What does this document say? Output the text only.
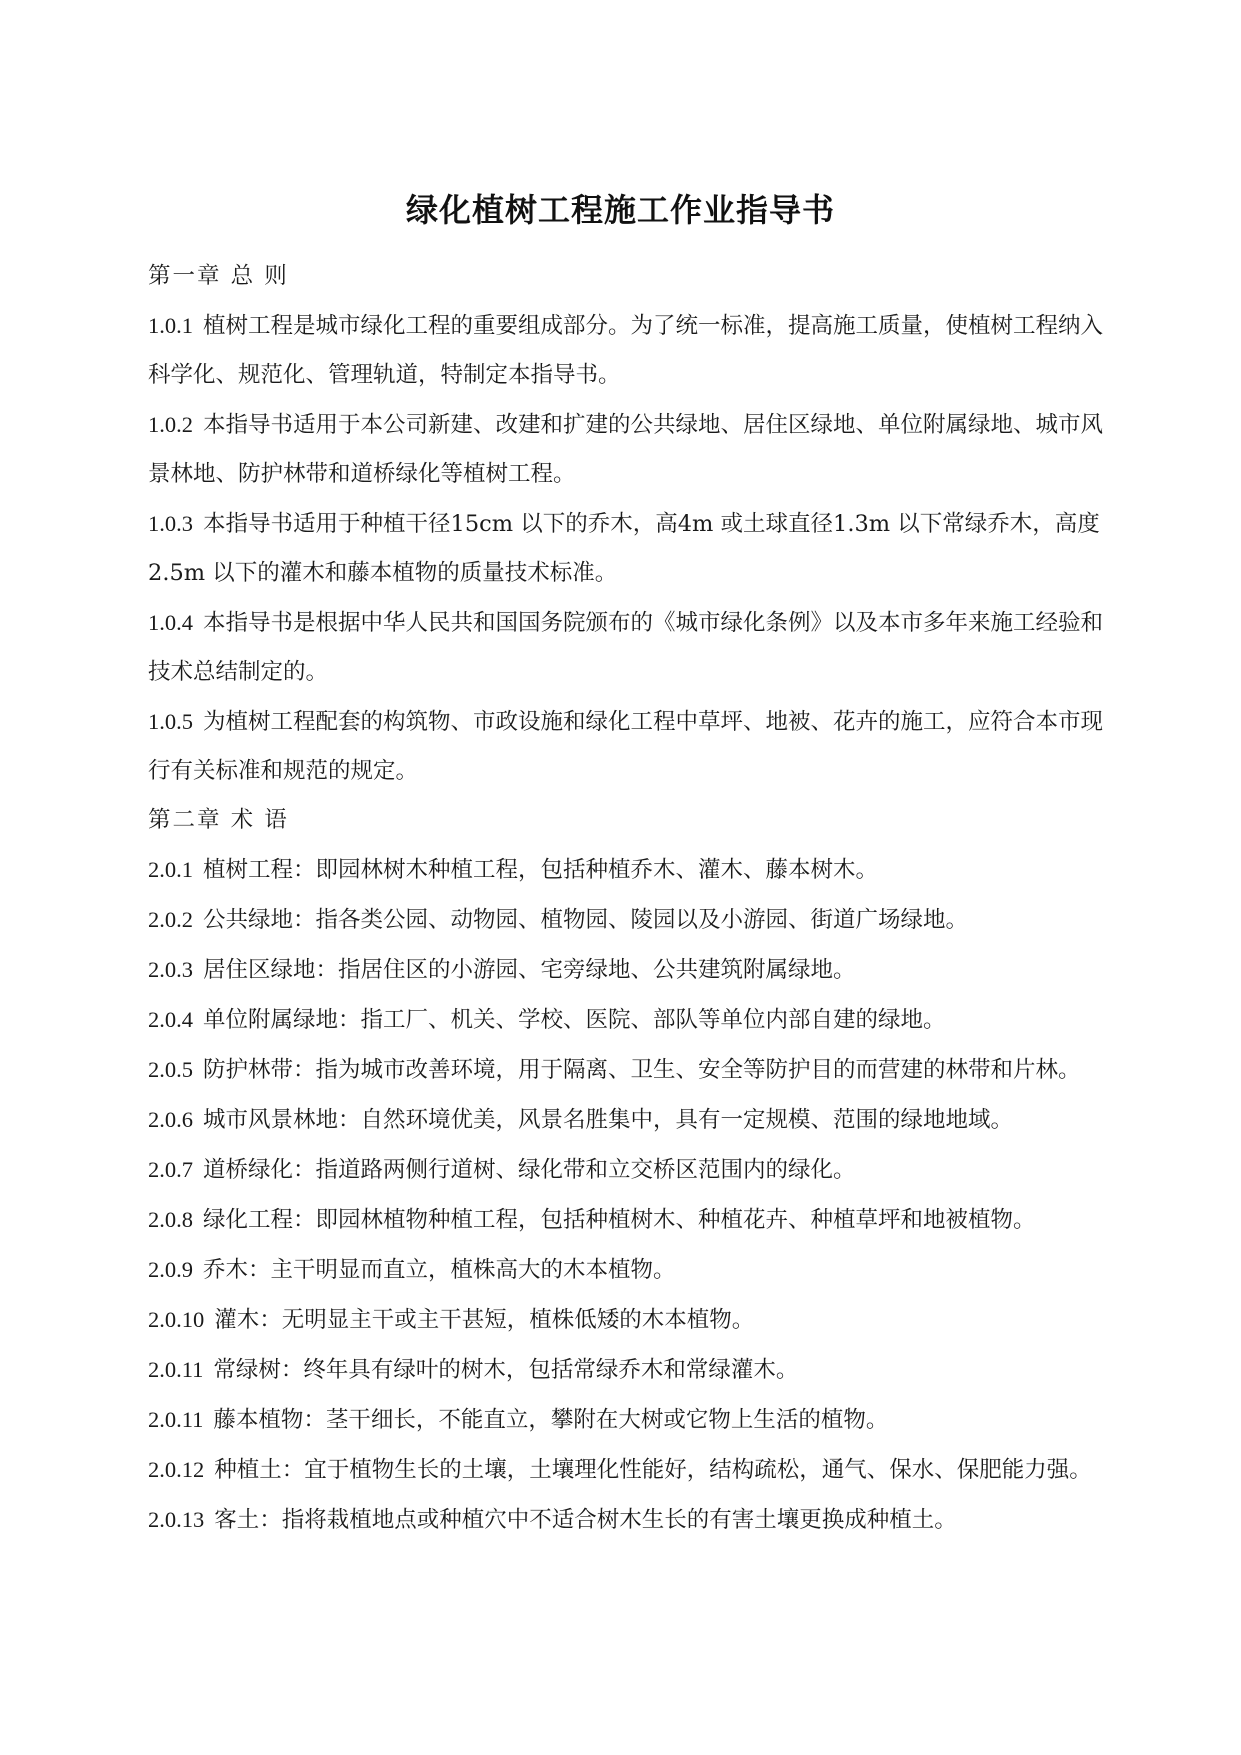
绿化植树工程施工作业指导书

第一章 总 则

1.0.1 植树工程是城市绿化工程的重要组成部分。为了统一标准，提高施工质量，使植树工程纳入科学化、规范化、管理轨道，特制定本指导书。

1.0.2 本指导书适用于本公司新建、改建和扩建的公共绿地、居住区绿地、单位附属绿地、城市风景林地、防护林带和道桥绿化等植树工程。

1.0.3 本指导书适用于种植干径15cm 以下的乔木，高4m 或土球直径1.3m 以下常绿乔木，高度2.5m 以下的灌木和藤本植物的质量技术标准。

1.0.4 本指导书是根据中华人民共和国国务院颁布的《城市绿化条例》以及本市多年来施工经验和技术总结制定的。

1.0.5 为植树工程配套的构筑物、市政设施和绿化工程中草坪、地被、花卉的施工，应符合本市现行有关标准和规范的规定。

第二章 术 语

2.0.1 植树工程：即园林树木种植工程，包括种植乔木、灌木、藤本树木。

2.0.2 公共绿地：指各类公园、动物园、植物园、陵园以及小游园、街道广场绿地。

2.0.3 居住区绿地：指居住区的小游园、宅旁绿地、公共建筑附属绿地。

2.0.4 单位附属绿地：指工厂、机关、学校、医院、部队等单位内部自建的绿地。

2.0.5 防护林带：指为城市改善环境，用于隔离、卫生、安全等防护目的而营建的林带和片林。

2.0.6 城市风景林地：自然环境优美，风景名胜集中，具有一定规模、范围的绿地地域。

2.0.7 道桥绿化：指道路两侧行道树、绿化带和立交桥区范围内的绿化。

2.0.8 绿化工程：即园林植物种植工程，包括种植树木、种植花卉、种植草坪和地被植物。

2.0.9 乔木：主干明显而直立，植株高大的木本植物。

2.0.10 灌木：无明显主干或主干甚短，植株低矮的木本植物。

2.0.11 常绿树：终年具有绿叶的树木，包括常绿乔木和常绿灌木。

2.0.11 藤本植物：茎干细长，不能直立，攀附在大树或它物上生活的植物。

2.0.12 种植土：宜于植物生长的土壤，土壤理化性能好，结构疏松，通气、保水、保肥能力强。

2.0.13 客土：指将栽植地点或种植穴中不适合树木生长的有害土壤更换成种植土。
